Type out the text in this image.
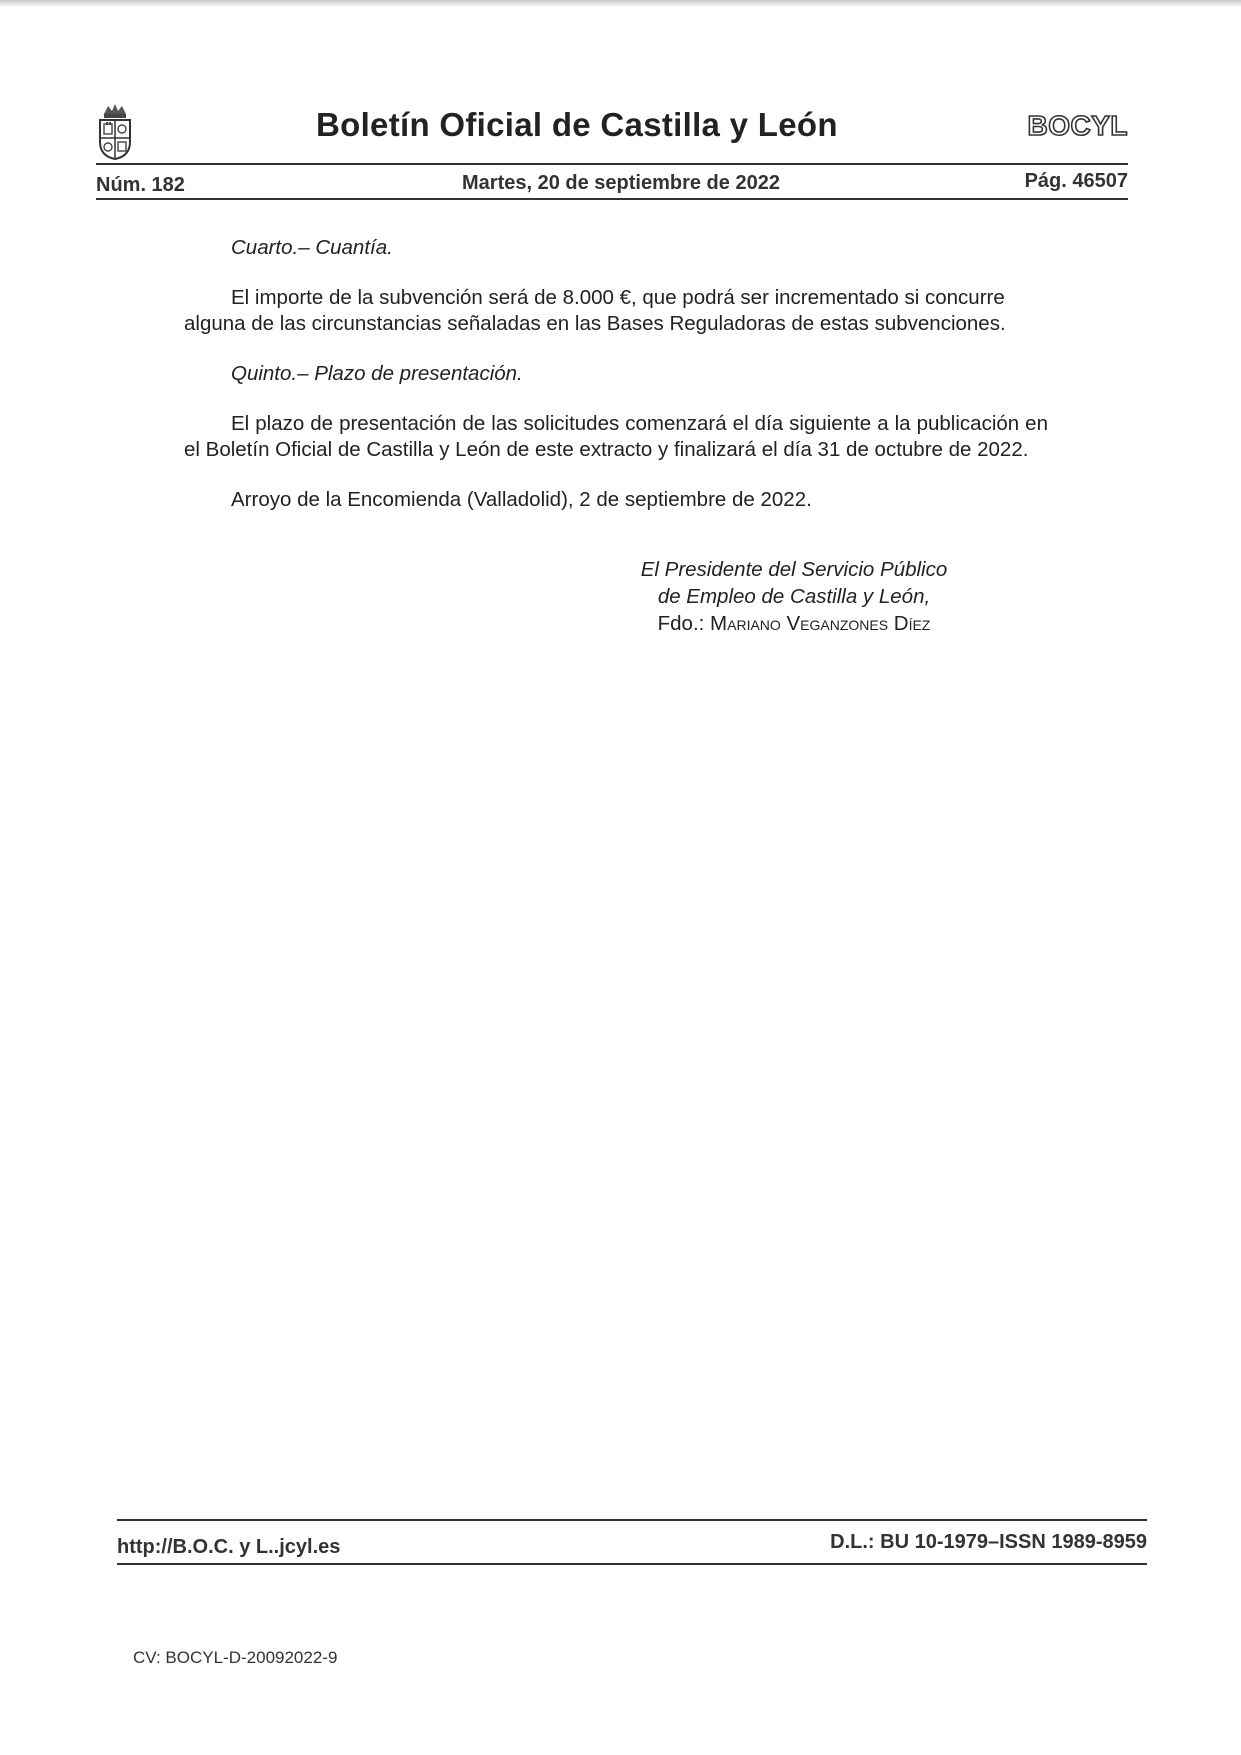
Boletín Oficial de Castilla y León	BOCYL
Núm. 182	Martes, 20 de septiembre de 2022	Pág. 46507
Cuarto.– Cuantía.
El importe de la subvención será de 8.000 €, que podrá ser incrementado si concurre alguna de las circunstancias señaladas en las Bases Reguladoras de estas subvenciones.
Quinto.– Plazo de presentación.
El plazo de presentación de las solicitudes comenzará el día siguiente a la publicación en el Boletín Oficial de Castilla y León de este extracto y finalizará el día 31 de octubre de 2022.
Arroyo de la Encomienda (Valladolid), 2 de septiembre de 2022.
El Presidente del Servicio Público
de Empleo de Castilla y León,
Fdo.: Mariano Veganzones Díez
http://B.O.C. y L..jcyl.es	D.L.: BU 10-1979–ISSN 1989-8959
CV: BOCYL-D-20092022-9
